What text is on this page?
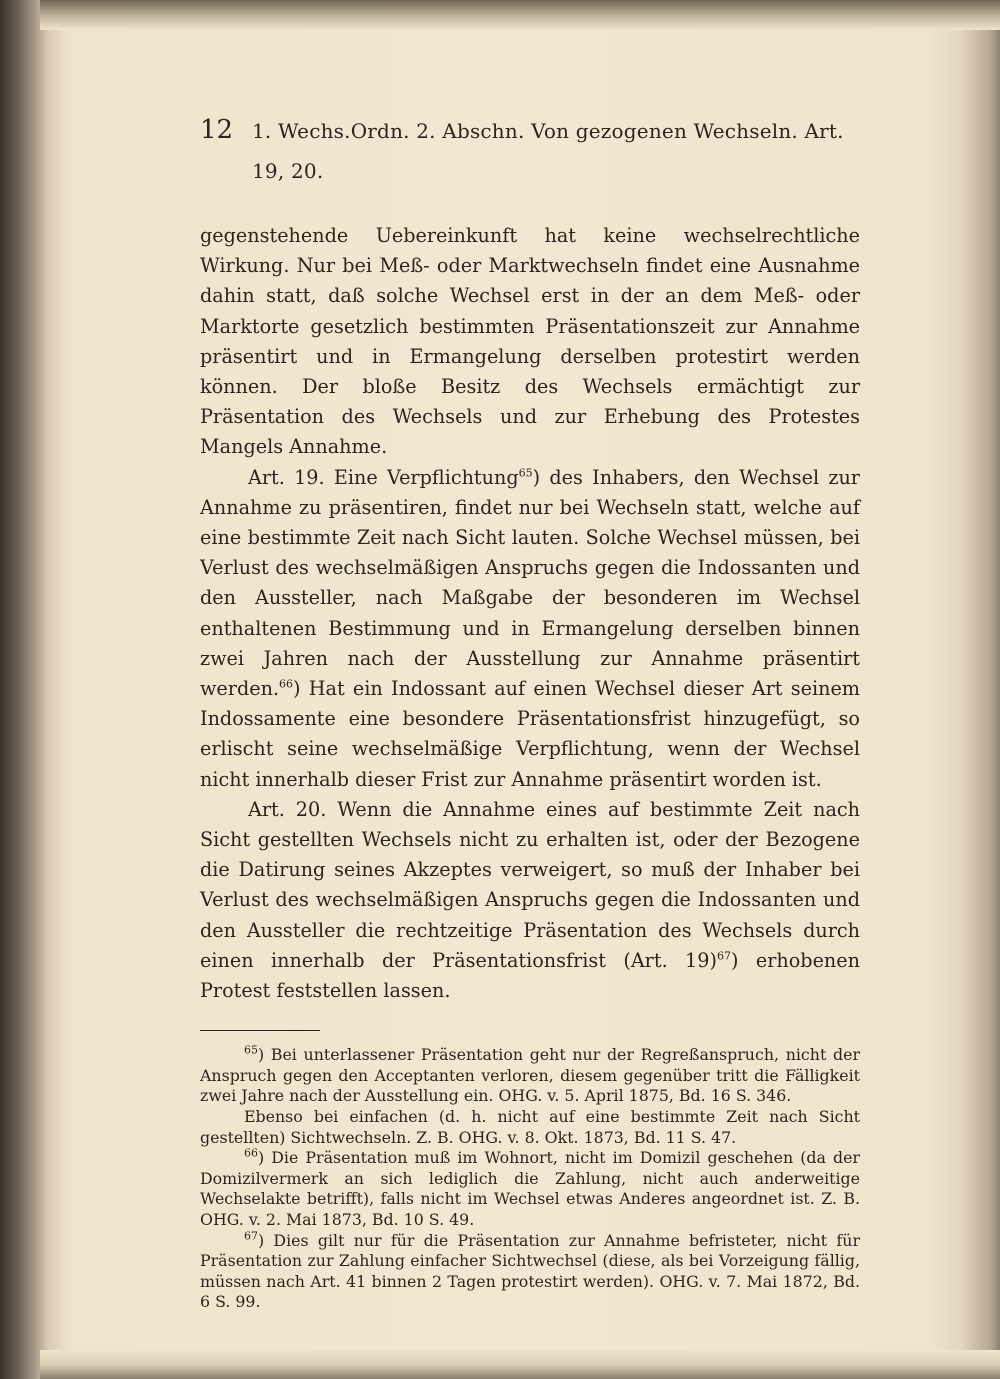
12 1. Wechs.Ordn. 2. Abschn. Von gezogenen Wechseln. Art. 19, 20.

gegenstehende Uebereinkunft hat keine wechselrechtliche Wirkung. Nur bei Meß- oder Marktwechseln findet eine Ausnahme dahin statt, daß solche Wechsel erst in der an dem Meß- oder Marktorte gesetzlich bestimmten Präsentationszeit zur Annahme präsentirt und in Ermangelung derselben protestirt werden können. Der bloße Besitz des Wechsels ermächtigt zur Präsentation des Wechsels und zur Erhebung des Protestes Mangels Annahme.

Art. 19. Eine Verpflichtung$^{65}$) des Inhabers, den Wechsel zur Annahme zu präsentiren, findet nur bei Wechseln statt, welche auf eine bestimmte Zeit nach Sicht lauten. Solche Wechsel müssen, bei Verlust des wechselmäßigen Anspruchs gegen die Indossanten und den Aussteller, nach Maßgabe der besonderen im Wechsel enthaltenen Bestimmung und in Ermangelung derselben binnen zwei Jahren nach der Ausstellung zur Annahme präsentirt werden.$^{66}$) Hat ein Indossant auf einen Wechsel dieser Art seinem Indossamente eine besondere Präsentationsfrist hinzugefügt, so erlischt seine wechselmäßige Verpflichtung, wenn der Wechsel nicht innerhalb dieser Frist zur Annahme präsentirt worden ist.

Art. 20. Wenn die Annahme eines auf bestimmte Zeit nach Sicht gestellten Wechsels nicht zu erhalten ist, oder der Bezogene die Datirung seines Akzeptes verweigert, so muß der Inhaber bei Verlust des wechselmäßigen Anspruchs gegen die Indossanten und den Aussteller die rechtzeitige Präsentation des Wechsels durch einen innerhalb der Präsentationsfrist (Art. 19)$^{67}$) erhobenen Protest feststellen lassen.

$^{65}$) Bei unterlassener Präsentation geht nur der Regreßanspruch, nicht der Anspruch gegen den Acceptanten verloren, diesem gegenüber tritt die Fälligkeit zwei Jahre nach der Ausstellung ein. OHG. v. 5. April 1875, Bd. 16 S. 346.

Ebenso bei einfachen (d. h. nicht auf eine bestimmte Zeit nach Sicht gestellten) Sichtwechseln. Z. B. OHG. v. 8. Okt. 1873, Bd. 11 S. 47.

$^{66}$) Die Präsentation muß im Wohnort, nicht im Domizil geschehen (da der Domizilvermerk an sich lediglich die Zahlung, nicht auch anderweitige Wechselakte betrifft), falls nicht im Wechsel etwas Anderes angeordnet ist. Z. B. OHG. v. 2. Mai 1873, Bd. 10 S. 49.

$^{67}$) Dies gilt nur für die Präsentation zur Annahme befristeter, nicht für Präsentation zur Zahlung einfacher Sichtwechsel (diese, als bei Vorzeigung fällig, müssen nach Art. 41 binnen 2 Tagen protestirt werden). OHG. v. 7. Mai 1872, Bd. 6 S. 99.
